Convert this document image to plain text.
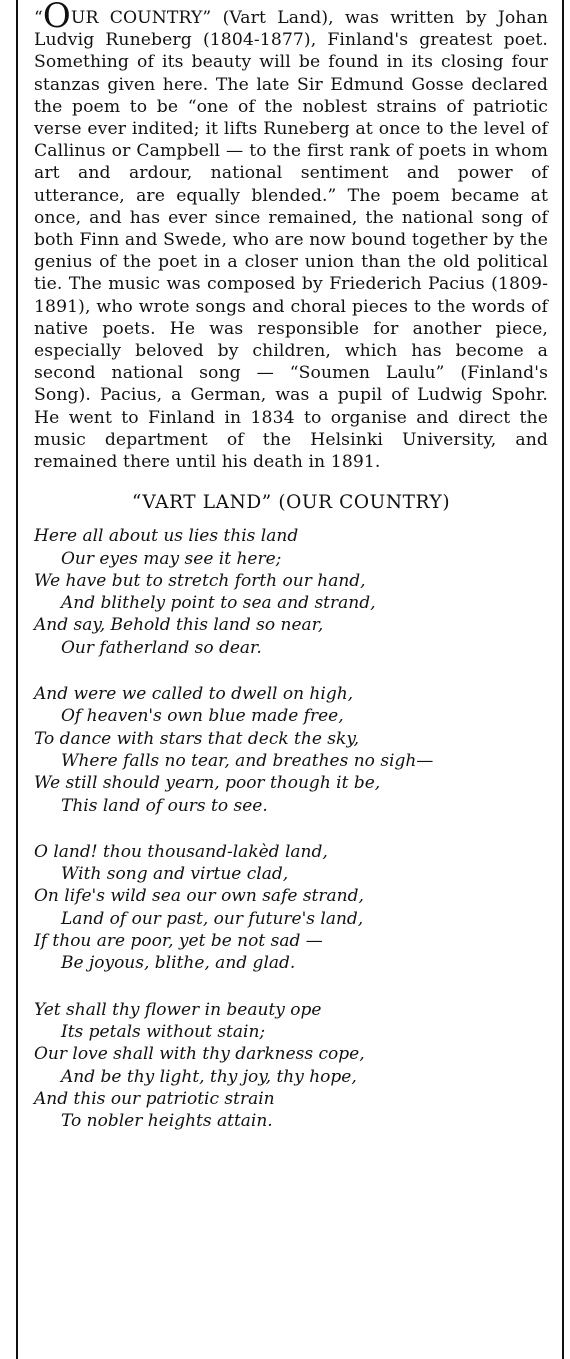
“OUR COUNTRY” (Vart Land), was written by Johan Ludvig Runeberg (1804-1877), Finland's greatest poet. Something of its beauty will be found in its closing four stanzas given here. The late Sir Edmund Gosse declared the poem to be “one of the noblest strains of patriotic verse ever indited; it lifts Runeberg at once to the level of Callinus or Campbell — to the first rank of poets in whom art and ardour, national sentiment and power of utterance, are equally blended.” The poem became at once, and has ever since remained, the national song of both Finn and Swede, who are now bound together by the genius of the poet in a closer union than the old political tie. The music was composed by Friederich Pacius (1809-1891), who wrote songs and choral pieces to the words of native poets. He was responsible for another piece, especially beloved by children, which has become a second national song — “Soumen Laulu” (Finland's Song). Pacius, a German, was a pupil of Ludwig Spohr. He went to Finland in 1834 to organise and direct the music department of the Helsinki University, and remained there until his death in 1891.

“VART LAND” (OUR COUNTRY)
Here all about us lies this land
Our eyes may see it here;
We have but to stretch forth our hand,
And blithely point to sea and strand,
And say, Behold this land so near,
Our fatherland so dear.
And were we called to dwell on high,
Of heaven's own blue made free,
To dance with stars that deck the sky,
Where falls no tear, and breathes no sigh—
We still should yearn, poor though it be,
This land of ours to see.
O land! thou thousand-lakèd land,
With song and virtue clad,
On life's wild sea our own safe strand,
Land of our past, our future's land,
If thou are poor, yet be not sad —
Be joyous, blithe, and glad.
Yet shall thy flower in beauty ope
Its petals without stain;
Our love shall with thy darkness cope,
And be thy light, thy joy, thy hope,
And this our patriotic strain
To nobler heights attain.
